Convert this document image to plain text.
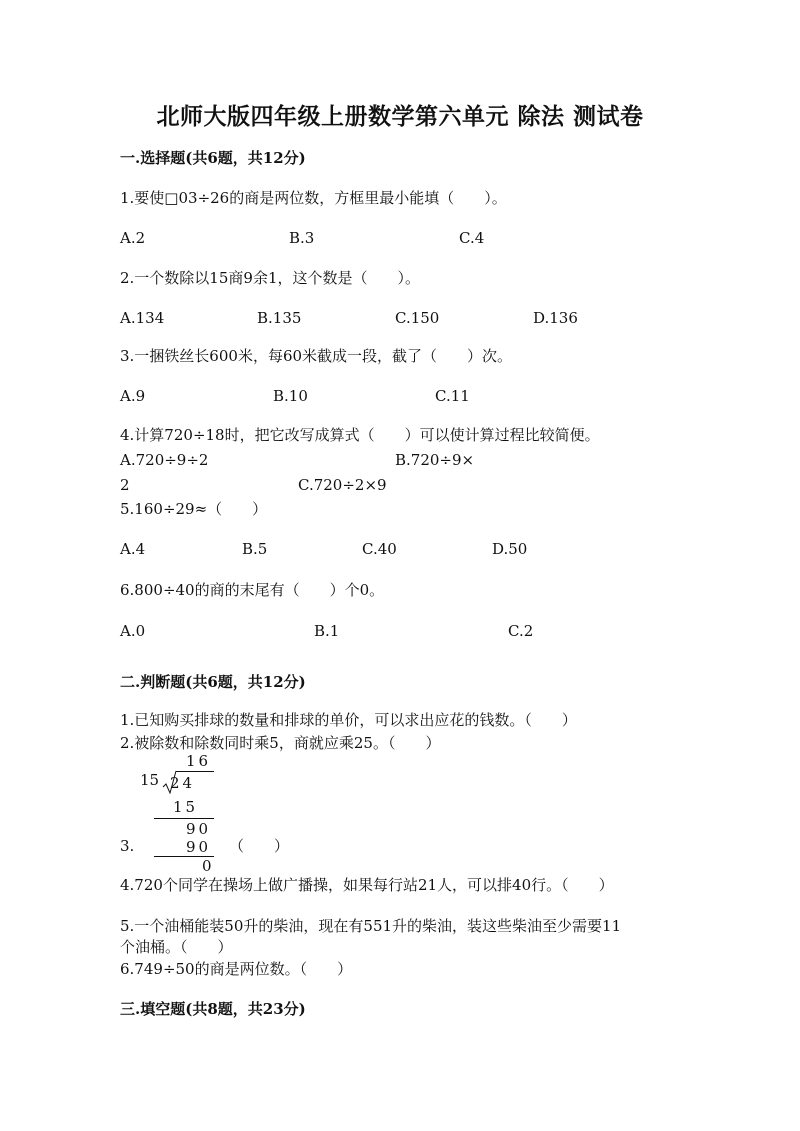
北师大版四年级上册数学第六单元 除法 测试卷
一.选择题(共6题，共12分)
1.要使□03÷26的商是两位数，方框里最小能填（　　）。
A.2	B.3	C.4
2.一个数除以15商9余1，这个数是（　　）。
A.134	B.135	C.150	D.136
3.一捆铁丝长600米，每60米截成一段，截了（　　）次。
A.9	B.10	C.11
4.计算720÷18时，把它改写成算式（　　）可以使计算过程比较简便。
A.720÷9÷2	B.720÷9×
2	C.720÷2×9
5.160÷29≈（　　）
A.4	B.5	C.40	D.50
6.800÷40的商的末尾有（　　）个0。
A.0	B.1	C.2
二.判断题(共6题，共12分)
1.已知购买排球的数量和排球的单价，可以求出应花的钱数。（　　）
2.被除数和除数同时乘5，商就应乘25。（　　）
16
15 24
15
90
90
0
3.	（　　）
4.720个同学在操场上做广播操，如果每行站21人，可以排40行。（　　）
5.一个油桶能装50升的柴油，现在有551升的柴油，装这些柴油至少需要11
个油桶。（　　）
6.749÷50的商是两位数。（　　）
三.填空题(共8题，共23分)
